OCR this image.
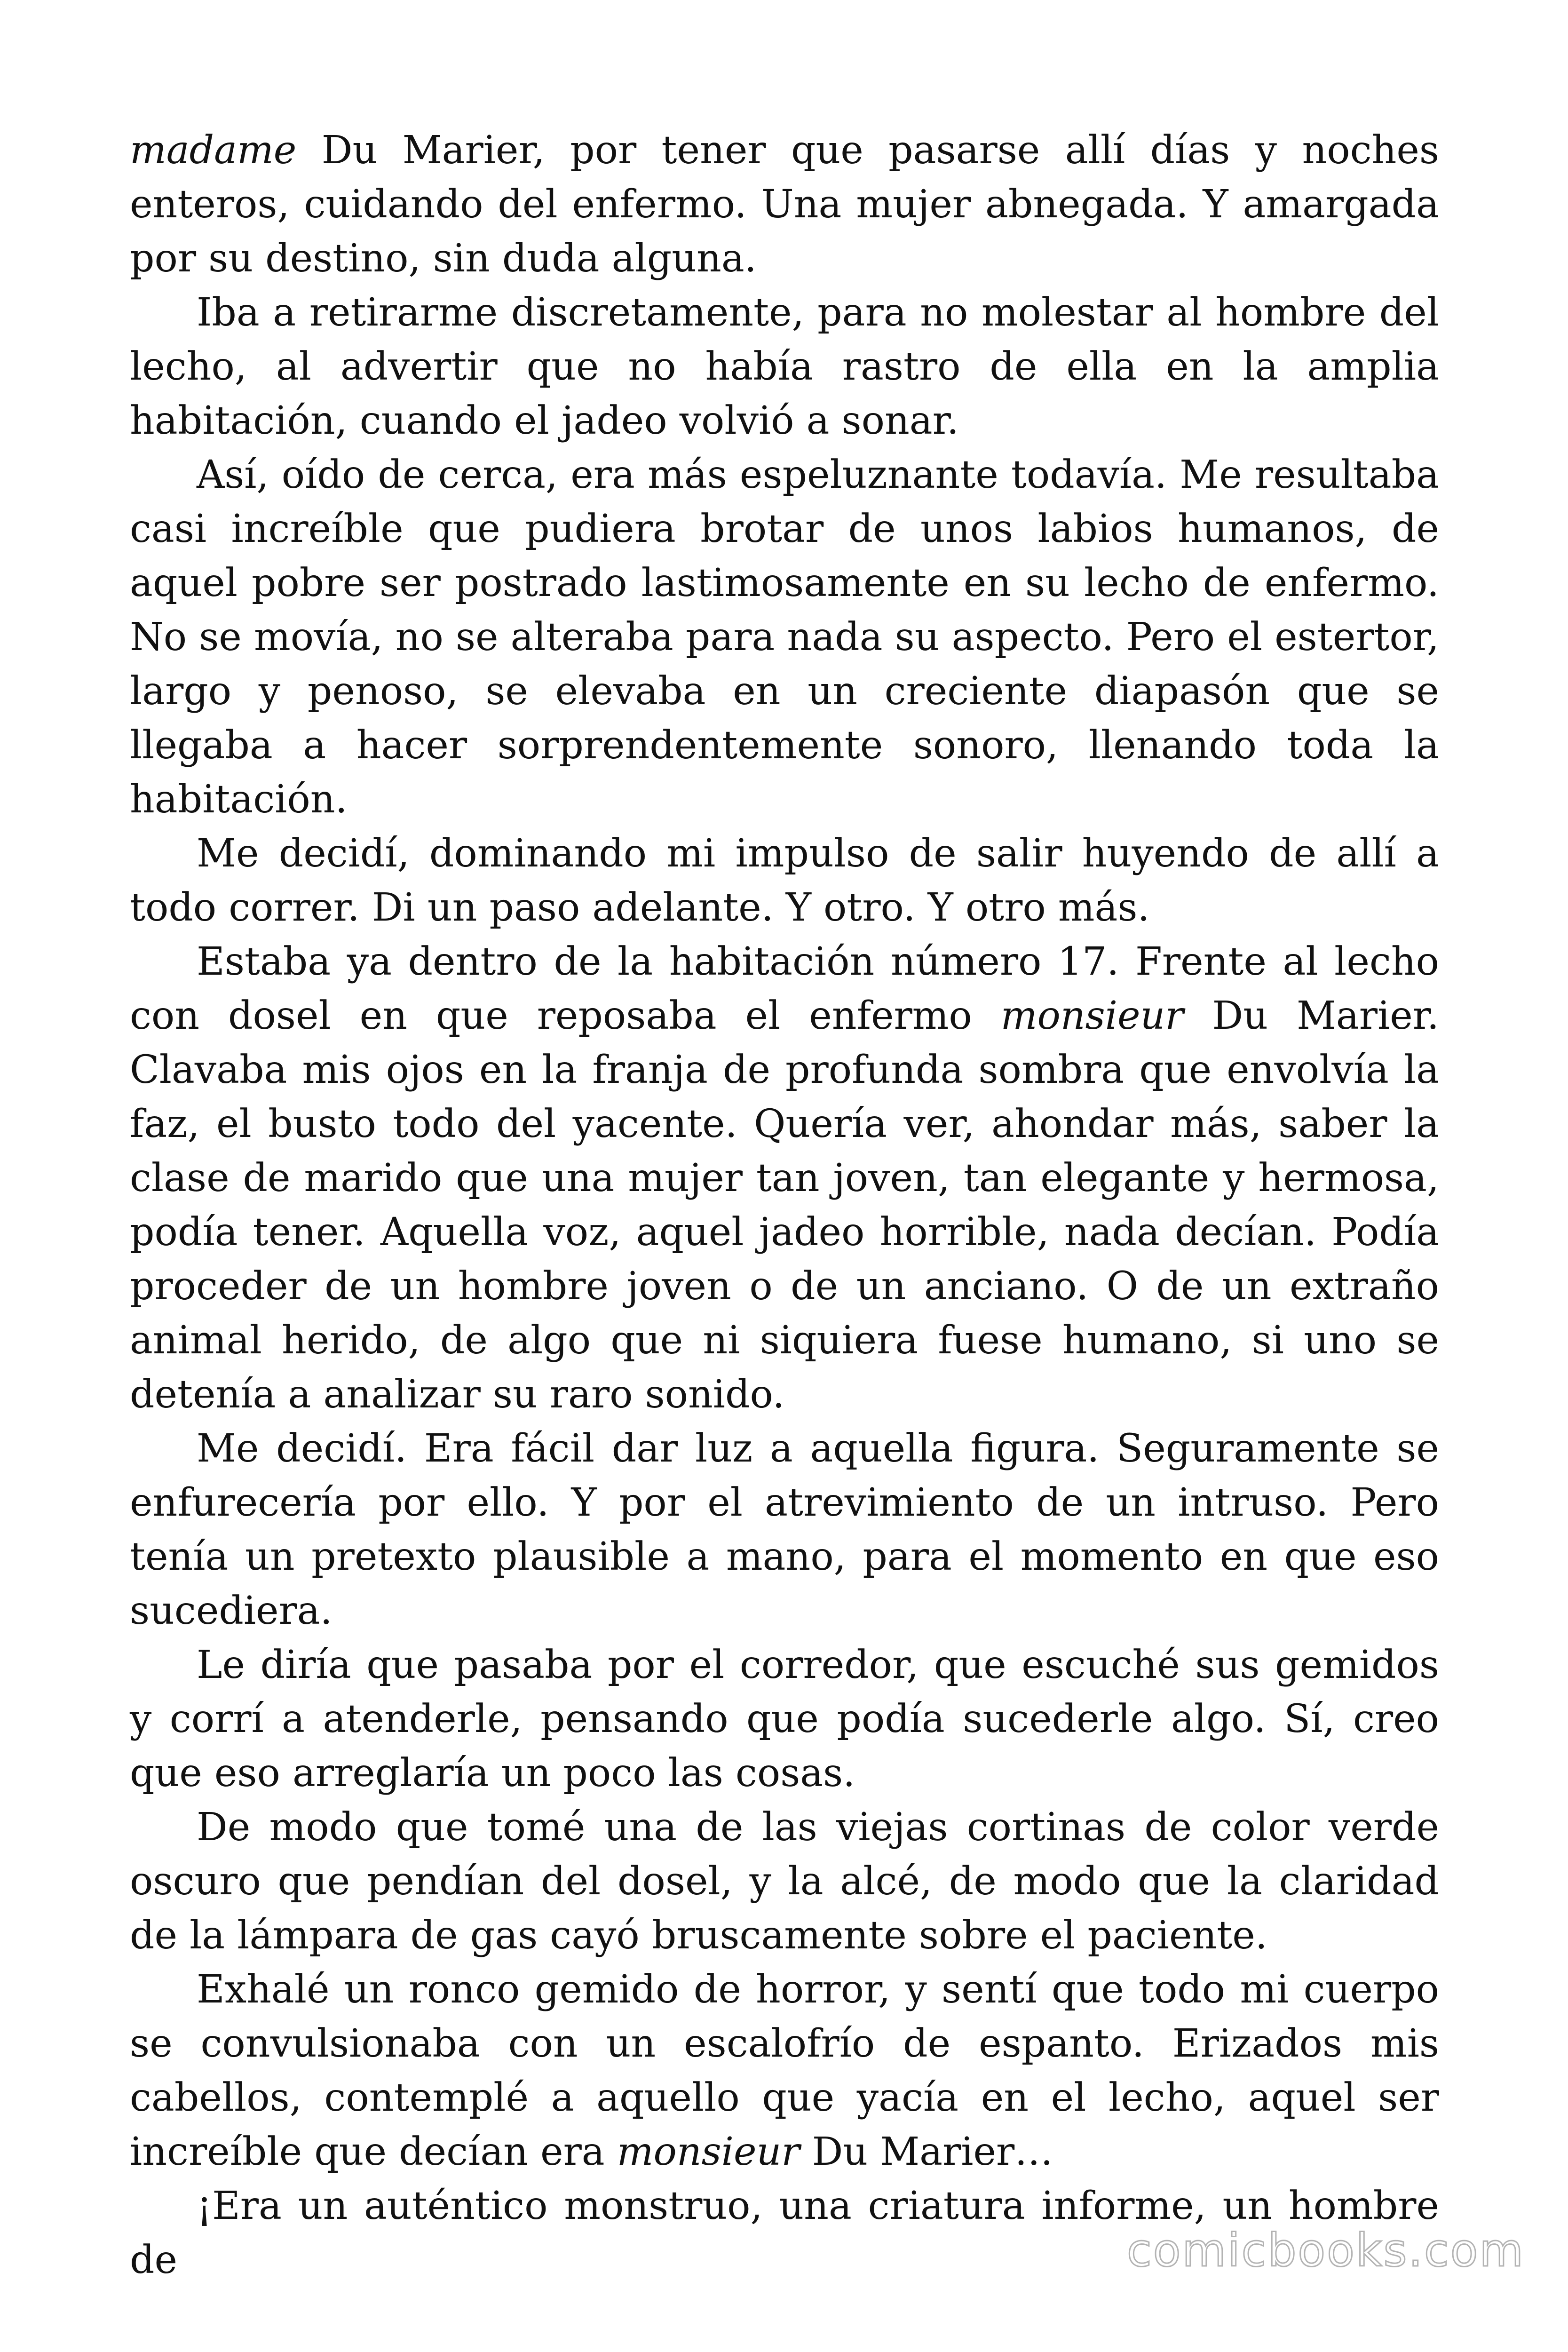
madame Du Marier, por tener que pasarse allí días y noches enteros, cuidando del enfermo. Una mujer abnegada. Y amargada por su destino, sin duda alguna.

Iba a retirarme discretamente, para no molestar al hombre del lecho, al advertir que no había rastro de ella en la amplia habitación, cuando el jadeo volvió a sonar.

Así, oído de cerca, era más espeluznante todavía. Me resultaba casi increíble que pudiera brotar de unos labios humanos, de aquel pobre ser postrado lastimosamente en su lecho de enfermo. No se movía, no se alteraba para nada su aspecto. Pero el estertor, largo y penoso, se elevaba en un creciente diapasón que se llegaba a hacer sorprendentemente sonoro, llenando toda la habitación.

Me decidí, dominando mi impulso de salir huyendo de allí a todo correr. Di un paso adelante. Y otro. Y otro más.

Estaba ya dentro de la habitación número 17. Frente al lecho con dosel en que reposaba el enfermo monsieur Du Marier. Clavaba mis ojos en la franja de profunda sombra que envolvía la faz, el busto todo del yacente. Quería ver, ahondar más, saber la clase de marido que una mujer tan joven, tan elegante y hermosa, podía tener. Aquella voz, aquel jadeo horrible, nada decían. Podía proceder de un hombre joven o de un anciano. O de un extraño animal herido, de algo que ni siquiera fuese humano, si uno se detenía a analizar su raro sonido.

Me decidí. Era fácil dar luz a aquella figura. Seguramente se enfurecería por ello. Y por el atrevimiento de un intruso. Pero tenía un pretexto plausible a mano, para el momento en que eso sucediera.

Le diría que pasaba por el corredor, que escuché sus gemidos y corrí a atenderle, pensando que podía sucederle algo. Sí, creo que eso arreglaría un poco las cosas.

De modo que tomé una de las viejas cortinas de color verde oscuro que pendían del dosel, y la alcé, de modo que la claridad de la lámpara de gas cayó bruscamente sobre el paciente.

Exhalé un ronco gemido de horror, y sentí que todo mi cuerpo se convulsionaba con un escalofrío de espanto. Erizados mis cabellos, contemplé a aquello que yacía en el lecho, aquel ser increíble que decían era monsieur Du Marier…

¡Era un auténtico monstruo, una criatura informe, un hombre de	comicbooks.com
